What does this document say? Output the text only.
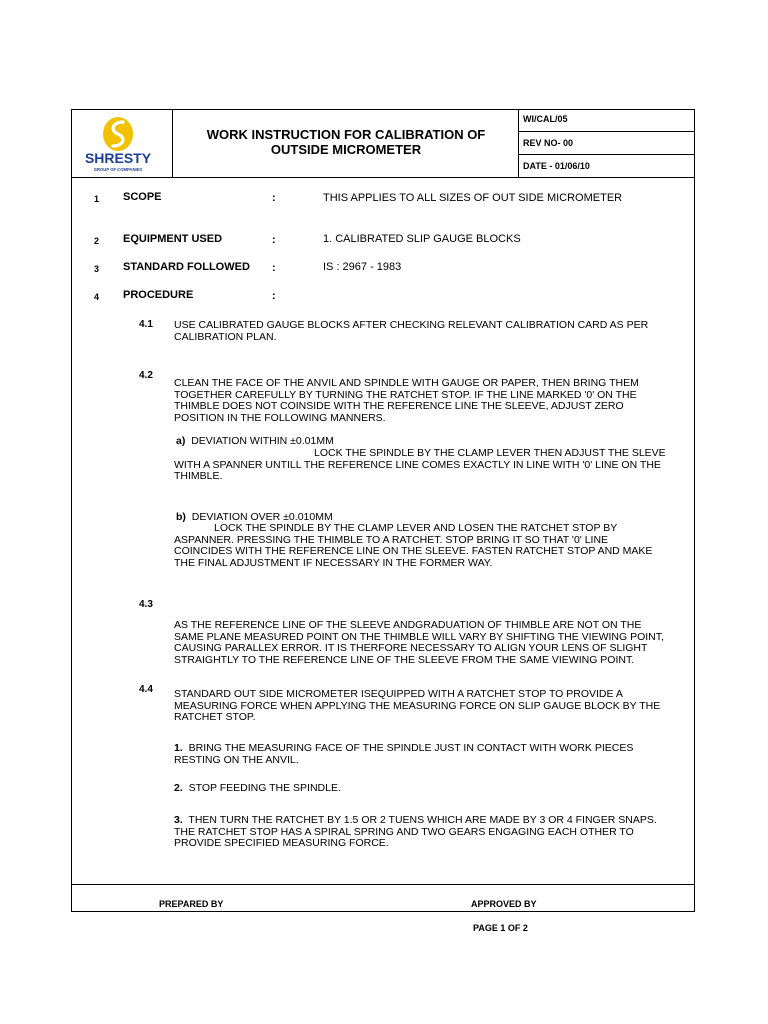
SHRESTY
GROUP OF COMPANIES
WORK INSTRUCTION FOR CALIBRATION OF
OUTSIDE MICROMETER
WI/CAL/05
REV NO- 00
DATE - 01/06/10
1 SCOPE	:	THIS APPLIES TO ALL SIZES OF OUT SIDE MICROMETER
2 EQUIPMENT USED	:	1. CALIBRATED SLIP GAUGE BLOCKS
3 STANDARD FOLLOWED :	IS : 2967 - 1983
4 PROCEDURE	:
4.1 USE CALIBRATED GAUGE BLOCKS AFTER CHECKING RELEVANT CALIBRATION CARD AS PER
CALIBRATION PLAN.
4.2
CLEAN THE FACE OF THE ANVIL AND SPINDLE WITH GAUGE OR PAPER, THEN BRING THEM
TOGETHER CAREFULLY BY TURNING THE RATCHET STOP. IF THE LINE MARKED '0' ON THE
THIMBLE DOES NOT COINSIDE WITH THE REFERENCE LINE THE SLEEVE, ADJUST ZERO
POSITION IN THE FOLLOWING MANNERS.
a) DEVIATION WITHIN ±0.01MM
LOCK THE SPINDLE BY THE CLAMP LEVER THEN ADJUST THE SLEVE
WITH A SPANNER UNTILL THE REFERENCE LINE COMES EXACTLY IN LINE WITH '0' LINE ON THE
THIMBLE.
b) DEVIATION OVER ±0.010MM
LOCK THE SPINDLE BY THE CLAMP LEVER AND LOSEN THE RATCHET STOP BY
ASPANNER. PRESSING THE THIMBLE TO A RATCHET. STOP BRING IT SO THAT '0' LINE
COINCIDES WITH THE REFERENCE LINE ON THE SLEEVE. FASTEN RATCHET STOP AND MAKE
THE FINAL ADJUSTMENT IF NECESSARY IN THE FORMER WAY.
4.3
AS THE REFERENCE LINE OF THE SLEEVE ANDGRADUATION OF THIMBLE ARE NOT ON THE
SAME PLANE MEASURED POINT ON THE THIMBLE WILL VARY BY SHIFTING THE VIEWING POINT,
CAUSING PARALLEX ERROR. IT IS THERFORE NECESSARY TO ALIGN YOUR LENS OF SLIGHT
STRAIGHTLY TO THE REFERENCE LINE OF THE SLEEVE FROM THE SAME VIEWING POINT.
4.4 STANDARD OUT SIDE MICROMETER ISEQUIPPED WITH A RATCHET STOP TO PROVIDE A
MEASURING FORCE WHEN APPLYING THE MEASURING FORCE ON SLIP GAUGE BLOCK BY THE
RATCHET STOP.
1. BRING THE MEASURING FACE OF THE SPINDLE JUST IN CONTACT WITH WORK PIECES
RESTING ON THE ANVIL.
2. STOP FEEDING THE SPINDLE.
3. THEN TURN THE RATCHET BY 1.5 OR 2 TUENS WHICH ARE MADE BY 3 OR 4 FINGER SNAPS.
THE RATCHET STOP HAS A SPIRAL SPRING AND TWO GEARS ENGAGING EACH OTHER TO
PROVIDE SPECIFIED MEASURING FORCE.
PREPARED BY	APPROVED BY
PAGE 1 OF 2
